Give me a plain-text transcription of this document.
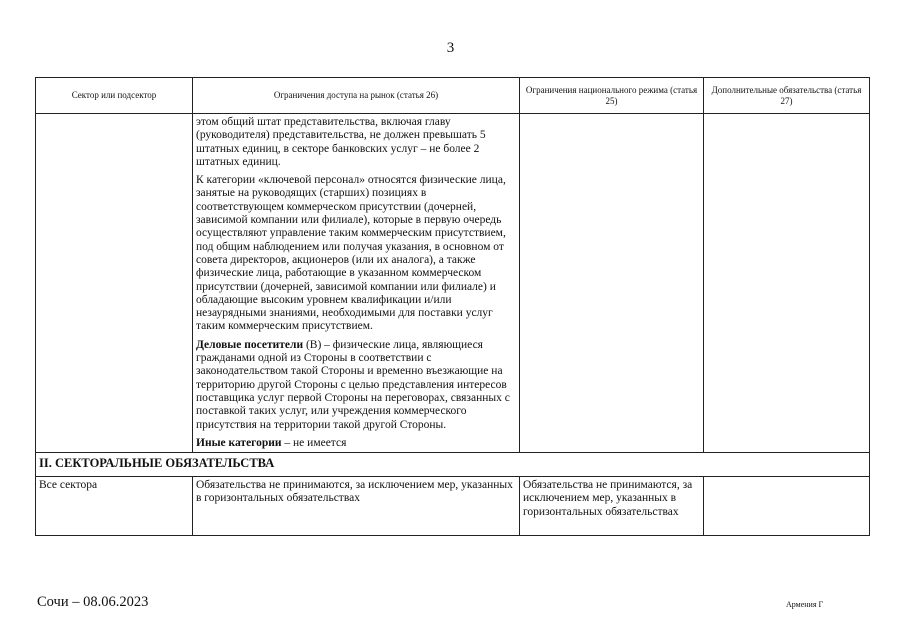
3
Сектор или подсектор	Ограничения доступа на рынок (статья 26)	Ограничения национального режима (статья 25)	Дополнительные обязательства (статья 27)

	этом общий штат представительства, включая главу (руководителя) представительства, не должен превышать 5 штатных единиц, в секторе банковских услуг – не более 2 штатных единиц.

К категории «ключевой персонал» относятся физические лица, занятые на руководящих (старших) позициях в соответствующем коммерческом присутствии (дочерней, зависимой компании или филиале), которые в первую очередь осуществляют управление таким коммерческим присутствием, под общим наблюдением или получая указания, в основном от совета директоров, акционеров (или их аналога), а также физические лица, работающие в указанном коммерческом присутствии (дочерней, зависимой компании или филиале) и обладающие высоким уровнем квалификации и/или незаурядными знаниями, необходимыми для поставки услуг таким коммерческим присутствием.

Деловые посетители (B) – физические лица, являющиеся гражданами одной из Стороны в соответствии с законодательством такой Стороны и временно въезжающие на территорию другой Стороны с целью представления интересов поставщика услуг первой Стороны на переговорах, связанных с поставкой таких услуг, или учреждения коммерческого присутствия на территории такой другой Стороны.

Иные категории – не имеется		

II. СЕКТОРАЛЬНЫЕ ОБЯЗАТЕЛЬСТВА			
Все сектора	Обязательства не принимаются, за исключением мер, указанных в горизонтальных обязательствах	Обязательства не принимаются, за исключением мер, указанных в горизонтальных обязательствах	
Сочи – 08.06.2023	Армения Г
